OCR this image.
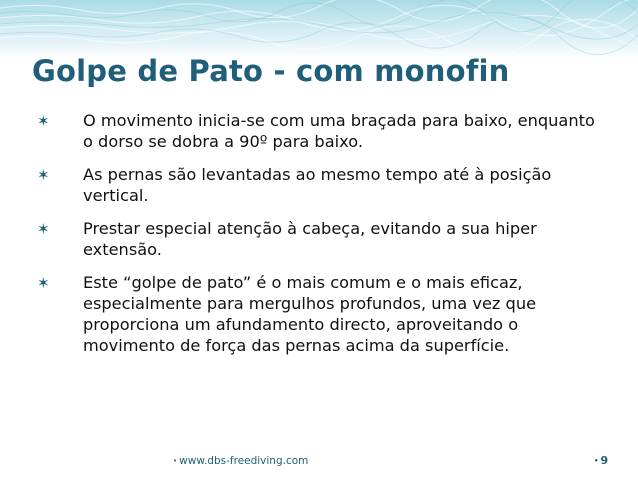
Golpe de Pato - com monofin
✶ O movimento inicia-se com uma braçada para baixo, enquanto o dorso se dobra a 90º para baixo.
✶ As pernas são levantadas ao mesmo tempo até à posição vertical.
✶ Prestar especial atenção à cabeça, evitando a sua hiper extensão.
✶ Este “golpe de pato” é o mais comum e o mais eficaz, especialmente para mergulhos profundos, uma vez que proporciona um afundamento directo, aproveitando o movimento de força das pernas acima da superfície.
• www.dbs-freediving.com	• 9
